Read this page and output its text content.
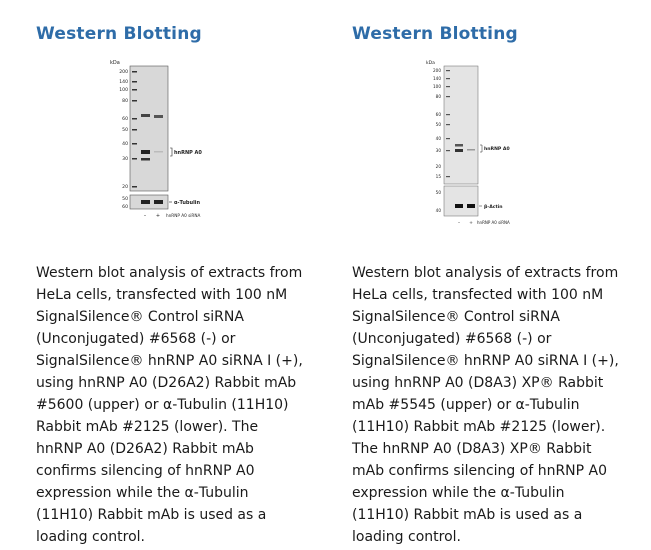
Western Blotting
kDa
200
140
100
80
60
50
40
30
20
hnRNP A0
50
60
α-Tubulin
– + hnRNP A0 siRNA

Western blot analysis of extracts from
HeLa cells, transfected with 100 nM
SignalSilence® Control siRNA
(Unconjugated) #6568 (-) or
SignalSilence® hnRNP A0 siRNA I (+),
using hnRNP A0 (D26A2) Rabbit mAb
#5600 (upper) or α-Tubulin (11H10)
Rabbit mAb #2125 (lower). The
hnRNP A0 (D26A2) Rabbit mAb
confirms silencing of hnRNP A0
expression while the α-Tubulin
(11H10) Rabbit mAb is used as a
loading control.

Western Blotting
kDa
200
140
100
80
60
50
40
30
20
15
hnRNP A0
50
40
β-Actin
– + hnRNP A0 siRNA

Western blot analysis of extracts from
HeLa cells, transfected with 100 nM
SignalSilence® Control siRNA
(Unconjugated) #6568 (-) or
SignalSilence® hnRNP A0 siRNA I (+),
using hnRNP A0 (D8A3) XP® Rabbit
mAb #5545 (upper) or α-Tubulin
(11H10) Rabbit mAb #2125 (lower).
The hnRNP A0 (D8A3) XP® Rabbit
mAb confirms silencing of hnRNP A0
expression while the α-Tubulin
(11H10) Rabbit mAb is used as a
loading control.
